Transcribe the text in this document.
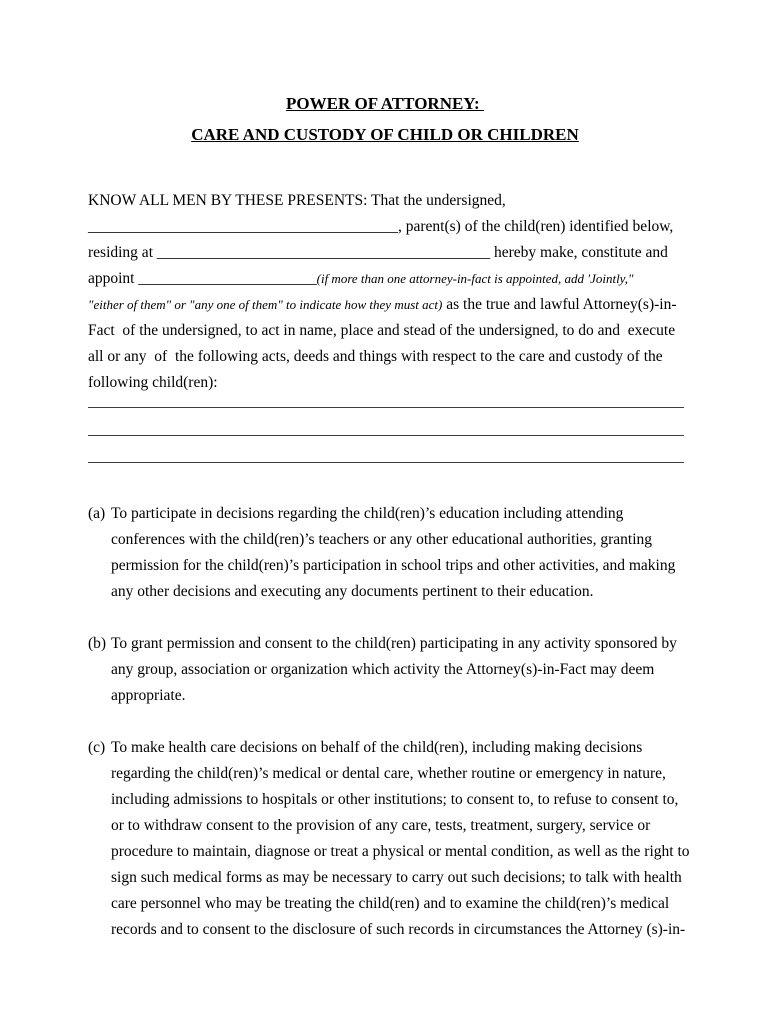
POWER OF ATTORNEY:
CARE AND CUSTODY OF CHILD OR CHILDREN
KNOW ALL MEN BY THESE PRESENTS: That the undersigned,
________________________________________, parent(s) of the child(ren) identified below,
residing at ___________________________________________ hereby make, constitute and
appoint _______________________(if more than one attorney-in-fact is appointed, add 'Jointly,"
"either of them" or "any one of them" to indicate how they must act) as the true and lawful Attorney(s)-in-
Fact  of the undersigned, to act in name, place and stead of the undersigned, to do and  execute
all or any  of  the following acts, deeds and things with respect to the care and custody of the
following child(ren):
(a) To participate in decisions regarding the child(ren)’s education including attending
conferences with the child(ren)’s teachers or any other educational authorities, granting
permission for the child(ren)’s participation in school trips and other activities, and making
any other decisions and executing any documents pertinent to their education.
(b) To grant permission and consent to the child(ren) participating in any activity sponsored by
any group, association or organization which activity the Attorney(s)-in-Fact may deem
appropriate.
(c) To make health care decisions on behalf of the child(ren), including making decisions
regarding the child(ren)’s medical or dental care, whether routine or emergency in nature,
including admissions to hospitals or other institutions; to consent to, to refuse to consent to,
or to withdraw consent to the provision of any care, tests, treatment, surgery, service or
procedure to maintain, diagnose or treat a physical or mental condition, as well as the right to
sign such medical forms as may be necessary to carry out such decisions; to talk with health
care personnel who may be treating the child(ren) and to examine the child(ren)’s medical
records and to consent to the disclosure of such records in circumstances the Attorney (s)-in-
